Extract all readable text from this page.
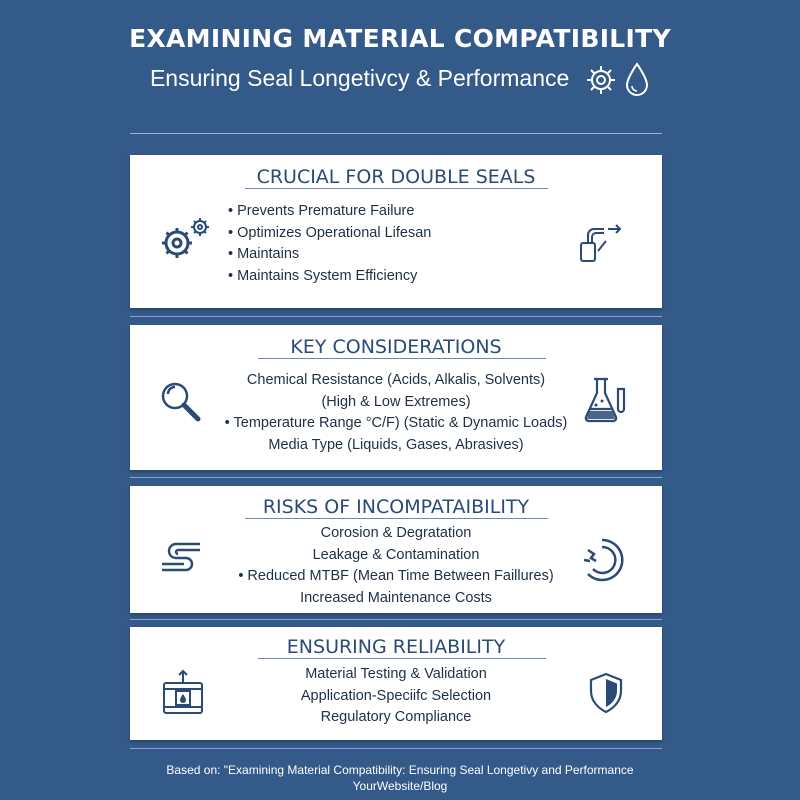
EXAMINING MATERIAL COMPATIBILITY
Ensuring Seal Longetivcy & Performance
CRUCIAL FOR DOUBLE SEALS
• Prevents Premature Failure
• Optimizes Operational Lifesan
• Maintains
• Maintains System Efficiency
KEY CONSIDERATIONS
Chemical Resistance (Acids, Alkalis, Solvents)
(High & Low Extremes)
• Temperature Range °C/F) (Static & Dynamic Loads)
Media Type (Liquids, Gases, Abrasives)
RISKS OF INCOMPATAIBILITY
Corosion & Degratation
Leakage & Contamination
• Reduced MTBF (Mean Time Between Faillures)
Increased Maintenance Costs
ENSURING RELIABILITY
Material Testing & Validation
Application-Speciifc Selection
Regulatory Compliance
Based on: "Examining Material Compatibility: Ensuring Seal Longetivy and Performance
YourWebsite/Blog
